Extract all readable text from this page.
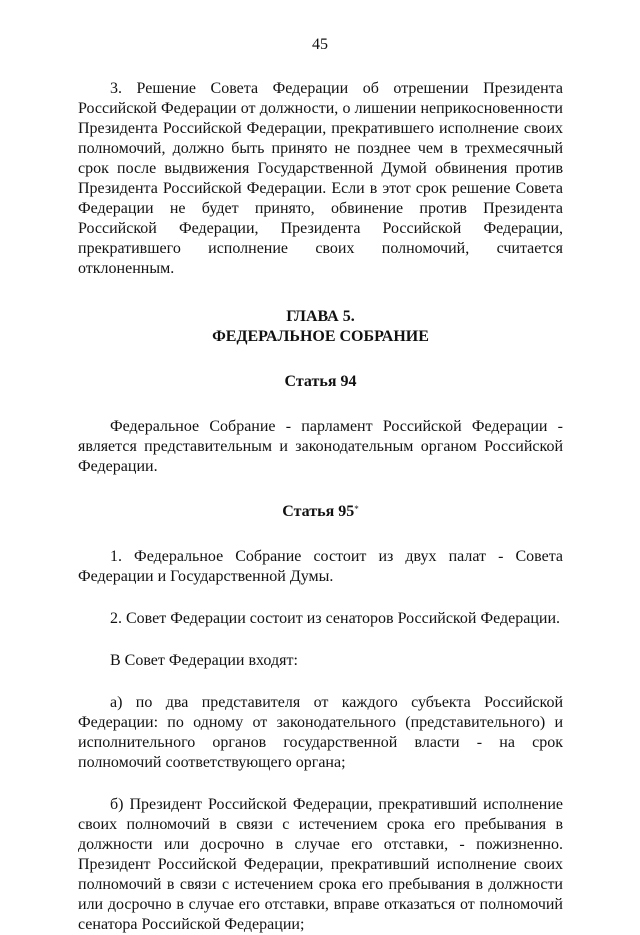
45

3. Решение Совета Федерации об отрешении Президента Российской Федерации от должности, о лишении неприкосновенности Президента Российской Федерации, прекратившего исполнение своих полномочий, должно быть принято не позднее чем в трехмесячный срок после выдвижения Государственной Думой обвинения против Президента Российской Федерации. Если в этот срок решение Совета Федерации не будет принято, обвинение против Президента Российской Федерации, Президента Российской Федерации, прекратившего исполнение своих полномочий, считается отклоненным.

ГЛАВА 5.

ФЕДЕРАЛЬНОЕ СОБРАНИЕ

Статья 94

Федеральное Собрание - парламент Российской Федерации - является представительным и законодательным органом Российской Федерации.

Статья 95*

1. Федеральное Собрание состоит из двух палат - Совета Федерации и Государственной Думы.

2. Совет Федерации состоит из сенаторов Российской Федерации.

В Совет Федерации входят:

а) по два представителя от каждого субъекта Российской Федерации: по одному от законодательного (представительного) и исполнительного органов государственной власти - на срок полномочий соответствующего органа;

б) Президент Российской Федерации, прекративший исполнение своих полномочий в связи с истечением срока его пребывания в должности или досрочно в случае его отставки, - пожизненно. Президент Российской Федерации, прекративший исполнение своих полномочий в связи с истечением срока его пребывания в должности или досрочно в случае его отставки, вправе отказаться от полномочий сенатора Российской Федерации;
